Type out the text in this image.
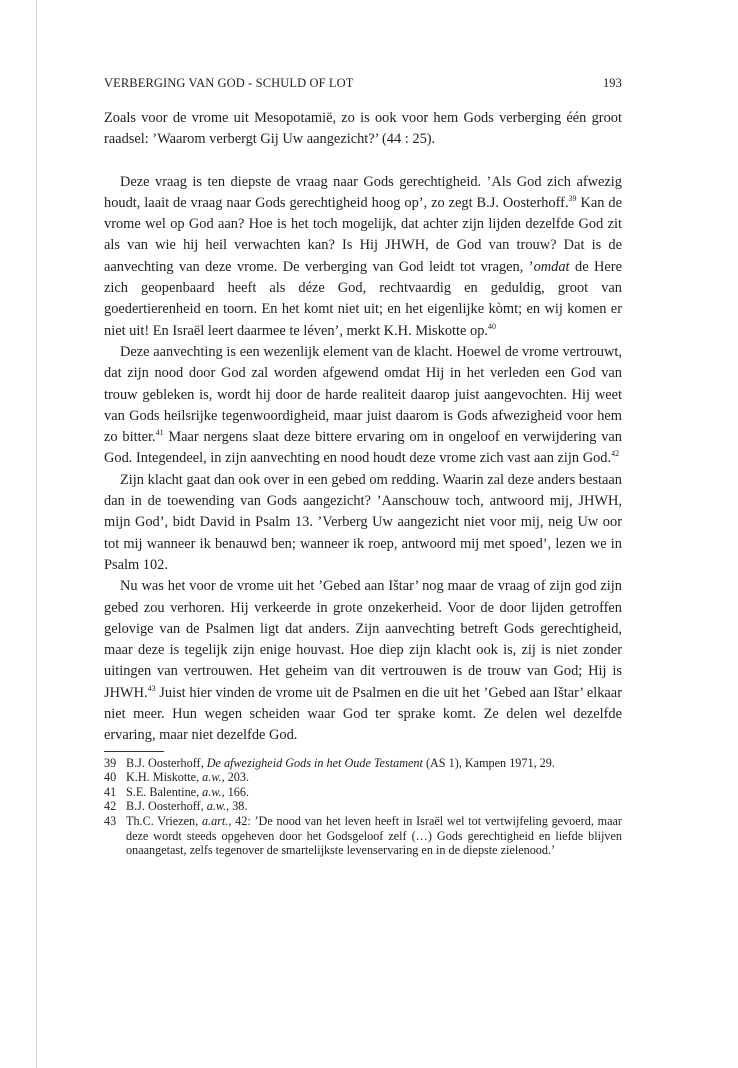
VERBERGING VAN GOD - SCHULD OF LOT	193

Zoals voor de vrome uit Mesopotamië, zo is ook voor hem Gods verberging één groot raadsel: ’Waarom verbergt Gij Uw aangezicht?’ (44 : 25).

Deze vraag is ten diepste de vraag naar Gods gerechtigheid. ’Als God zich afwezig houdt, laait de vraag naar Gods gerechtigheid hoog op’, zo zegt B.J. Oosterhoff.$^{39}$ Kan de vrome wel op God aan? Hoe is het toch mogelijk, dat achter zijn lijden dezelfde God zit als van wie hij heil verwachten kan? Is Hij JHWH, de God van trouw? Dat is de aanvechting van deze vrome. De verberging van God leidt tot vragen, ’omdat de Here zich geopenbaard heeft als déze God, rechtvaardig en geduldig, groot van goedertierenheid en toorn. En het komt niet uit; en het eigenlijke kòmt; en wij komen er niet uit! En Israël leert daarmee te léven’, merkt K.H. Miskotte op.$^{40}$

Deze aanvechting is een wezenlijk element van de klacht. Hoewel de vrome vertrouwt, dat zijn nood door God zal worden afgewend omdat Hij in het verleden een God van trouw gebleken is, wordt hij door de harde realiteit daarop juist aangevochten. Hij weet van Gods heilsrijke tegenwoordigheid, maar juist daarom is Gods afwezigheid voor hem zo bitter.$^{41}$ Maar nergens slaat deze bittere ervaring om in ongeloof en verwijdering van God. Integendeel, in zijn aanvechting en nood houdt deze vrome zich vast aan zijn God.$^{42}$

Zijn klacht gaat dan ook over in een gebed om redding. Waarin zal deze anders bestaan dan in de toewending van Gods aangezicht? ’Aanschouw toch, antwoord mij, JHWH, mijn God’, bidt David in Psalm 13. ’Verberg Uw aangezicht niet voor mij, neig Uw oor tot mij wanneer ik benauwd ben; wanneer ik roep, antwoord mij met spoed’, lezen we in Psalm 102.

Nu was het voor de vrome uit het ’Gebed aan Ištar’ nog maar de vraag of zijn god zijn gebed zou verhoren. Hij verkeerde in grote onzekerheid. Voor de door lijden getroffen gelovige van de Psalmen ligt dat anders. Zijn aanvechting betreft Gods gerechtigheid, maar deze is tegelijk zijn enige houvast. Hoe diep zijn klacht ook is, zij is niet zonder uitingen van vertrouwen. Het geheim van dit vertrouwen is de trouw van God; Hij is JHWH.$^{43}$ Juist hier vinden de vrome uit de Psalmen en die uit het ’Gebed aan Ištar’ elkaar niet meer. Hun wegen scheiden waar God ter sprake komt. Ze delen wel dezelfde ervaring, maar niet dezelfde God.

39 B.J. Oosterhoff, De afwezigheid Gods in het Oude Testament (AS 1), Kampen 1971, 29.
40 K.H. Miskotte, a.w., 203.
41 S.E. Balentine, a.w., 166.
42 B.J. Oosterhoff, a.w., 38.
43 Th.C. Vriezen, a.art., 42: ’De nood van het leven heeft in Israël wel tot vertwijfeling gevoerd, maar deze wordt steeds opgeheven door het Godsgeloof zelf (…) Gods gerechtigheid en liefde blijven onaangetast, zelfs tegenover de smartelijkste levenservaring en in de diepste zielenood.’
